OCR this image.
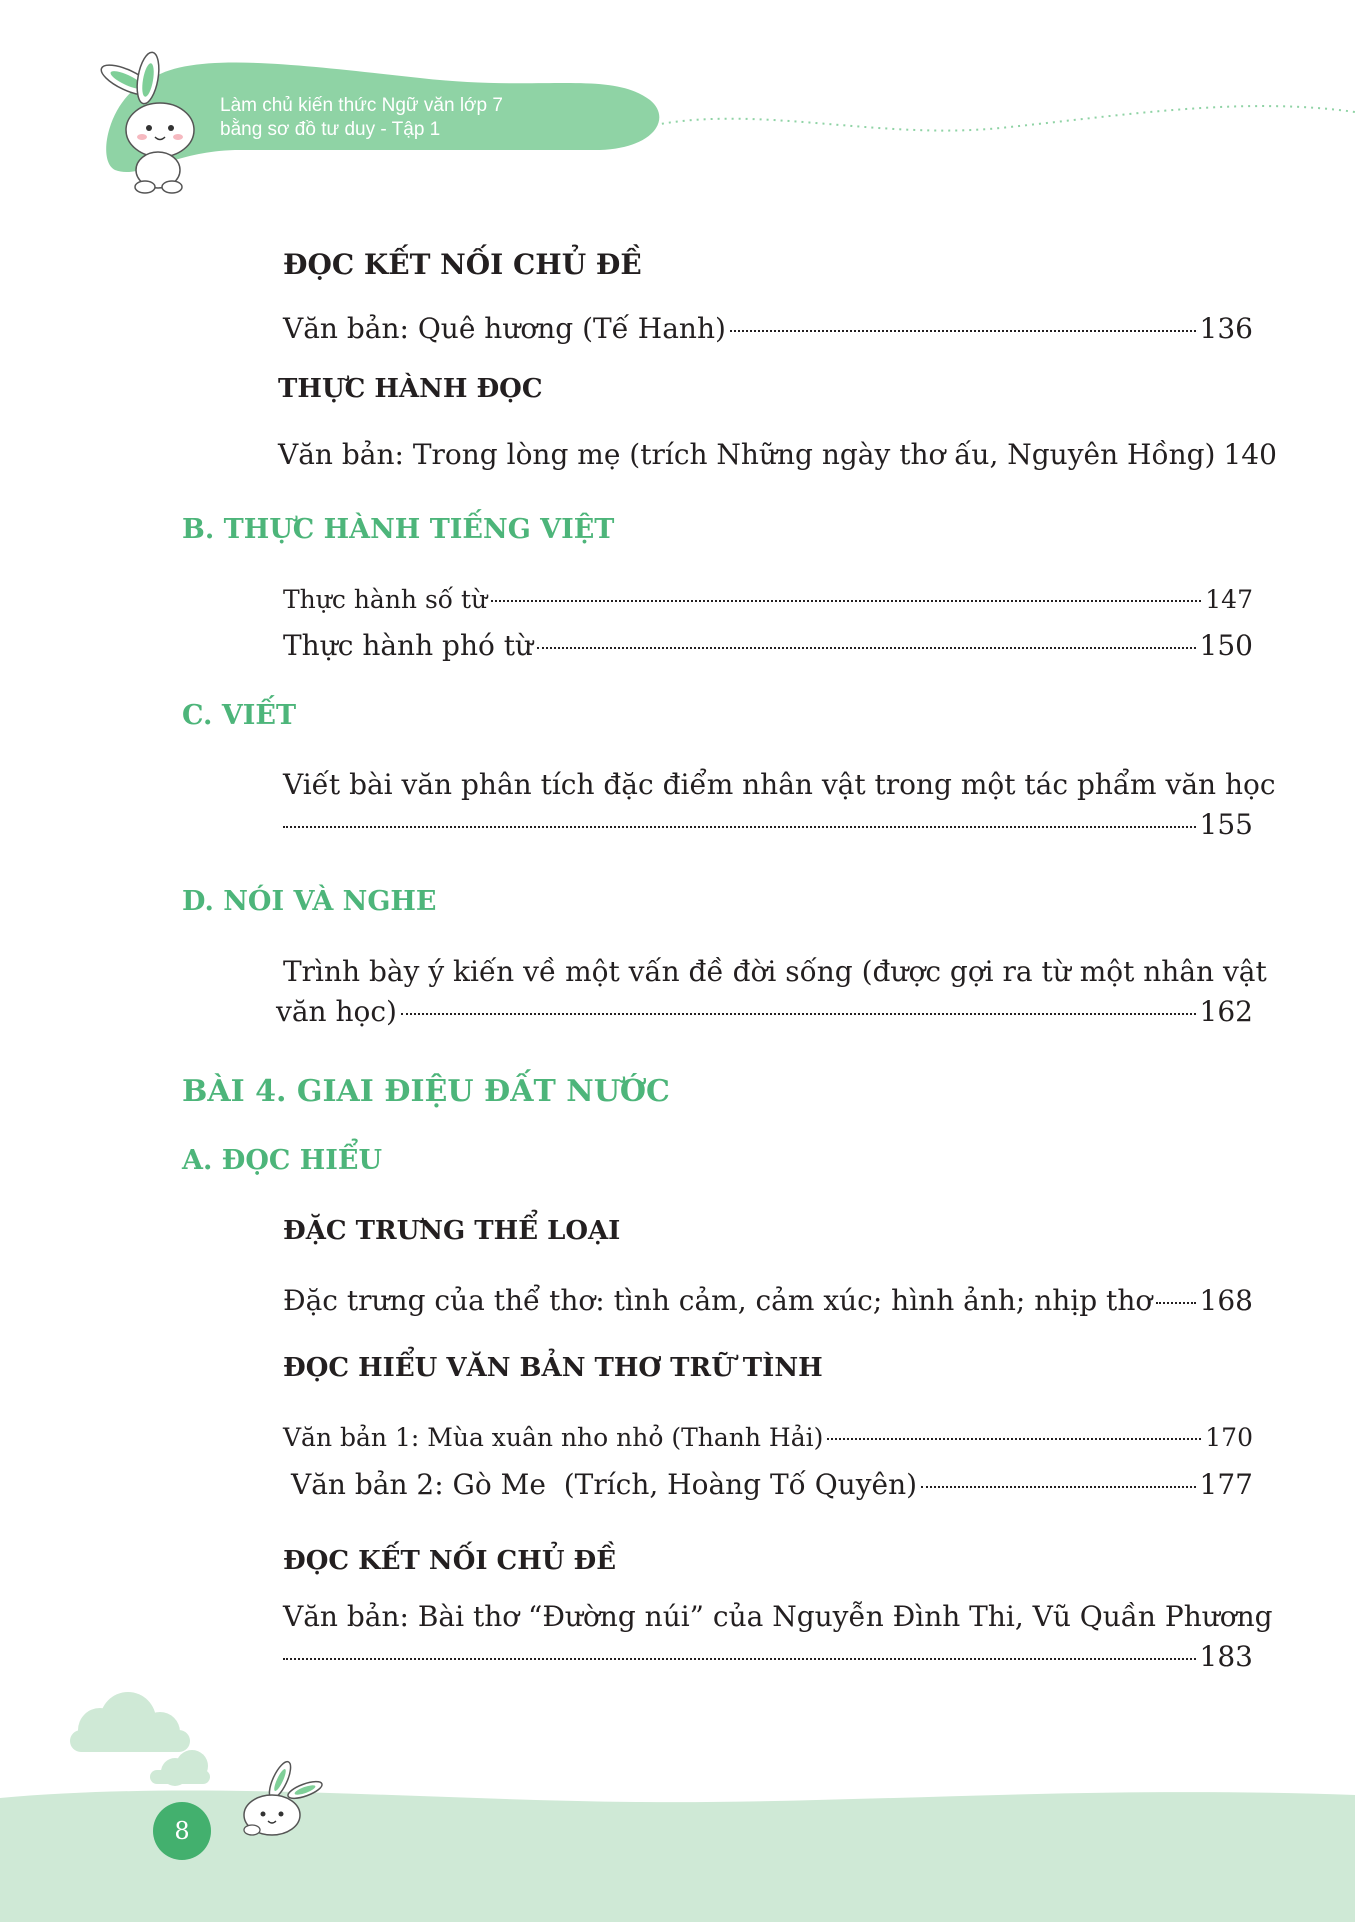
Làm chủ kiến thức Ngữ văn lớp 7
bằng sơ đồ tư duy - Tập 1
ĐỌC KẾT NỐI CHỦ ĐỀ
Văn bản: Quê hương (Tế Hanh)	136
THỰC HÀNH ĐỌC
Văn bản: Trong lòng mẹ (trích Những ngày thơ ấu, Nguyên Hồng) 140
B. THỰC HÀNH TIẾNG VIỆT
Thực hành số từ	147
Thực hành phó từ	150
C. VIẾT
Viết bài văn phân tích đặc điểm nhân vật trong một tác phẩm văn học
155
D. NÓI VÀ NGHE
Trình bày ý kiến về một vấn đề đời sống (được gợi ra từ một nhân vật
văn học)	162
BÀI 4. GIAI ĐIỆU ĐẤT NƯỚC
A. ĐỌC HIỂU
ĐẶC TRƯNG THỂ LOẠI
Đặc trưng của thể thơ: tình cảm, cảm xúc; hình ảnh; nhịp thơ 168
ĐỌC HIỂU VĂN BẢN THƠ TRỮ TÌNH
Văn bản 1: Mùa xuân nho nhỏ (Thanh Hải)	170
Văn bản 2: Gò Me  (Trích, Hoàng Tố Quyên)	177
ĐỌC KẾT NỐI CHỦ ĐỀ
Văn bản: Bài thơ “Đường núi” của Nguyễn Đình Thi, Vũ Quần Phương
183
8
